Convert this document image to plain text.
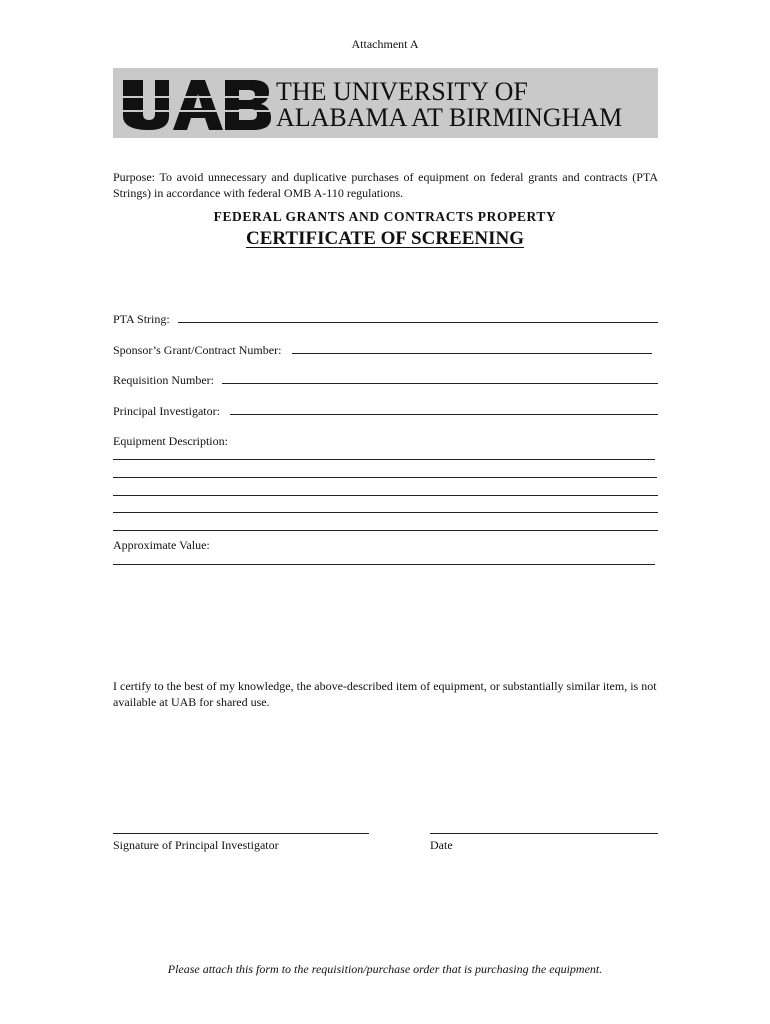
Attachment A
THE UNIVERSITY OF
ALABAMA AT BIRMINGHAM
Purpose: To avoid unnecessary and duplicative purchases of equipment on federal grants and contracts (PTA Strings) in accordance with federal OMB A-110 regulations.
FEDERAL GRANTS AND CONTRACTS PROPERTY
CERTIFICATE OF SCREENING
PTA String:
Sponsor’s Grant/Contract Number:
Requisition Number:
Principal Investigator:
Equipment Description:
Approximate Value:
I certify to the best of my knowledge, the above-described item of equipment, or substantially similar item, is not available at UAB for shared use.
Signature of Principal Investigator	Date
Please attach this form to the requisition/purchase order that is purchasing the equipment.
